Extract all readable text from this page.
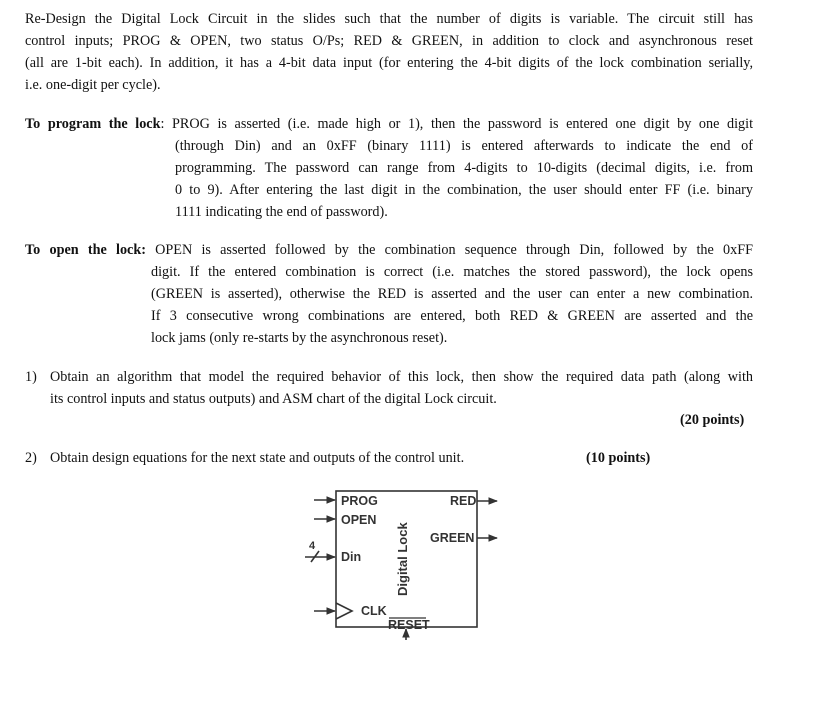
Re-Design the Digital Lock Circuit in the slides such that the number of digits is variable. The circuit still has
control inputs; PROG & OPEN, two status O/Ps; RED & GREEN, in addition to clock and asynchronous reset
(all are 1-bit each). In addition, it has a 4-bit data input (for entering the 4-bit digits of the lock combination serially,
i.e. one-digit per cycle).
To program the lock: PROG is asserted (i.e. made high or 1), then the password is entered one digit by one digit
(through Din) and an 0xFF (binary 1111) is entered afterwards to indicate the end of
programming. The password can range from 4-digits to 10-digits (decimal digits, i.e. from
0 to 9). After entering the last digit in the combination, the user should enter FF (i.e. binary
1111 indicating the end of password).
To open the lock: OPEN is asserted followed by the combination sequence through Din, followed by the 0xFF
digit. If the entered combination is correct (i.e. matches the stored password), the lock opens
(GREEN is asserted), otherwise the RED is asserted and the user can enter a new combination.
If 3 consecutive wrong combinations are entered, both RED & GREEN are asserted and the
lock jams (only re-starts by the asynchronous reset).
1) Obtain an algorithm that model the required behavior of this lock, then show the required data path (along with
its control inputs and status outputs) and ASM chart of the digital Lock circuit.
(20 points)
2) Obtain design equations for the next state and outputs of the control unit.	(10 points)
PROG
OPEN
Din
CLK
RED
GREEN
RESET
4	Digital Lock
